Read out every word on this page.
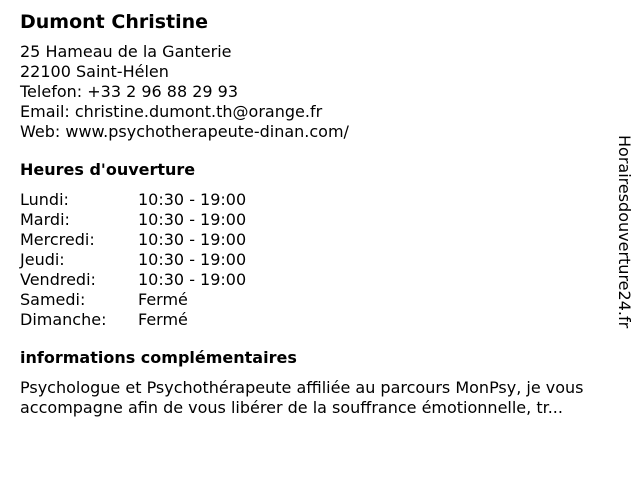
Dumont Christine
25 Hameau de la Ganterie
22100 Saint-Hélen
Telefon: +33 2 96 88 29 93
Email: christine.dumont.th@orange.fr
Web: www.psychotherapeute-dinan.com/
Heures d'ouverture
Lundi:	10:30 - 19:00
Mardi:	10:30 - 19:00
Mercredi:	10:30 - 19:00
Jeudi:	10:30 - 19:00
Vendredi:	10:30 - 19:00
Samedi:	Fermé
Dimanche:	Fermé
informations complémentaires
Psychologue et Psychothérapeute affiliée au parcours MonPsy, je vous accompagne afin de vous libérer de la souffrance émotionnelle, tr...
Horairesdouverture24.fr
